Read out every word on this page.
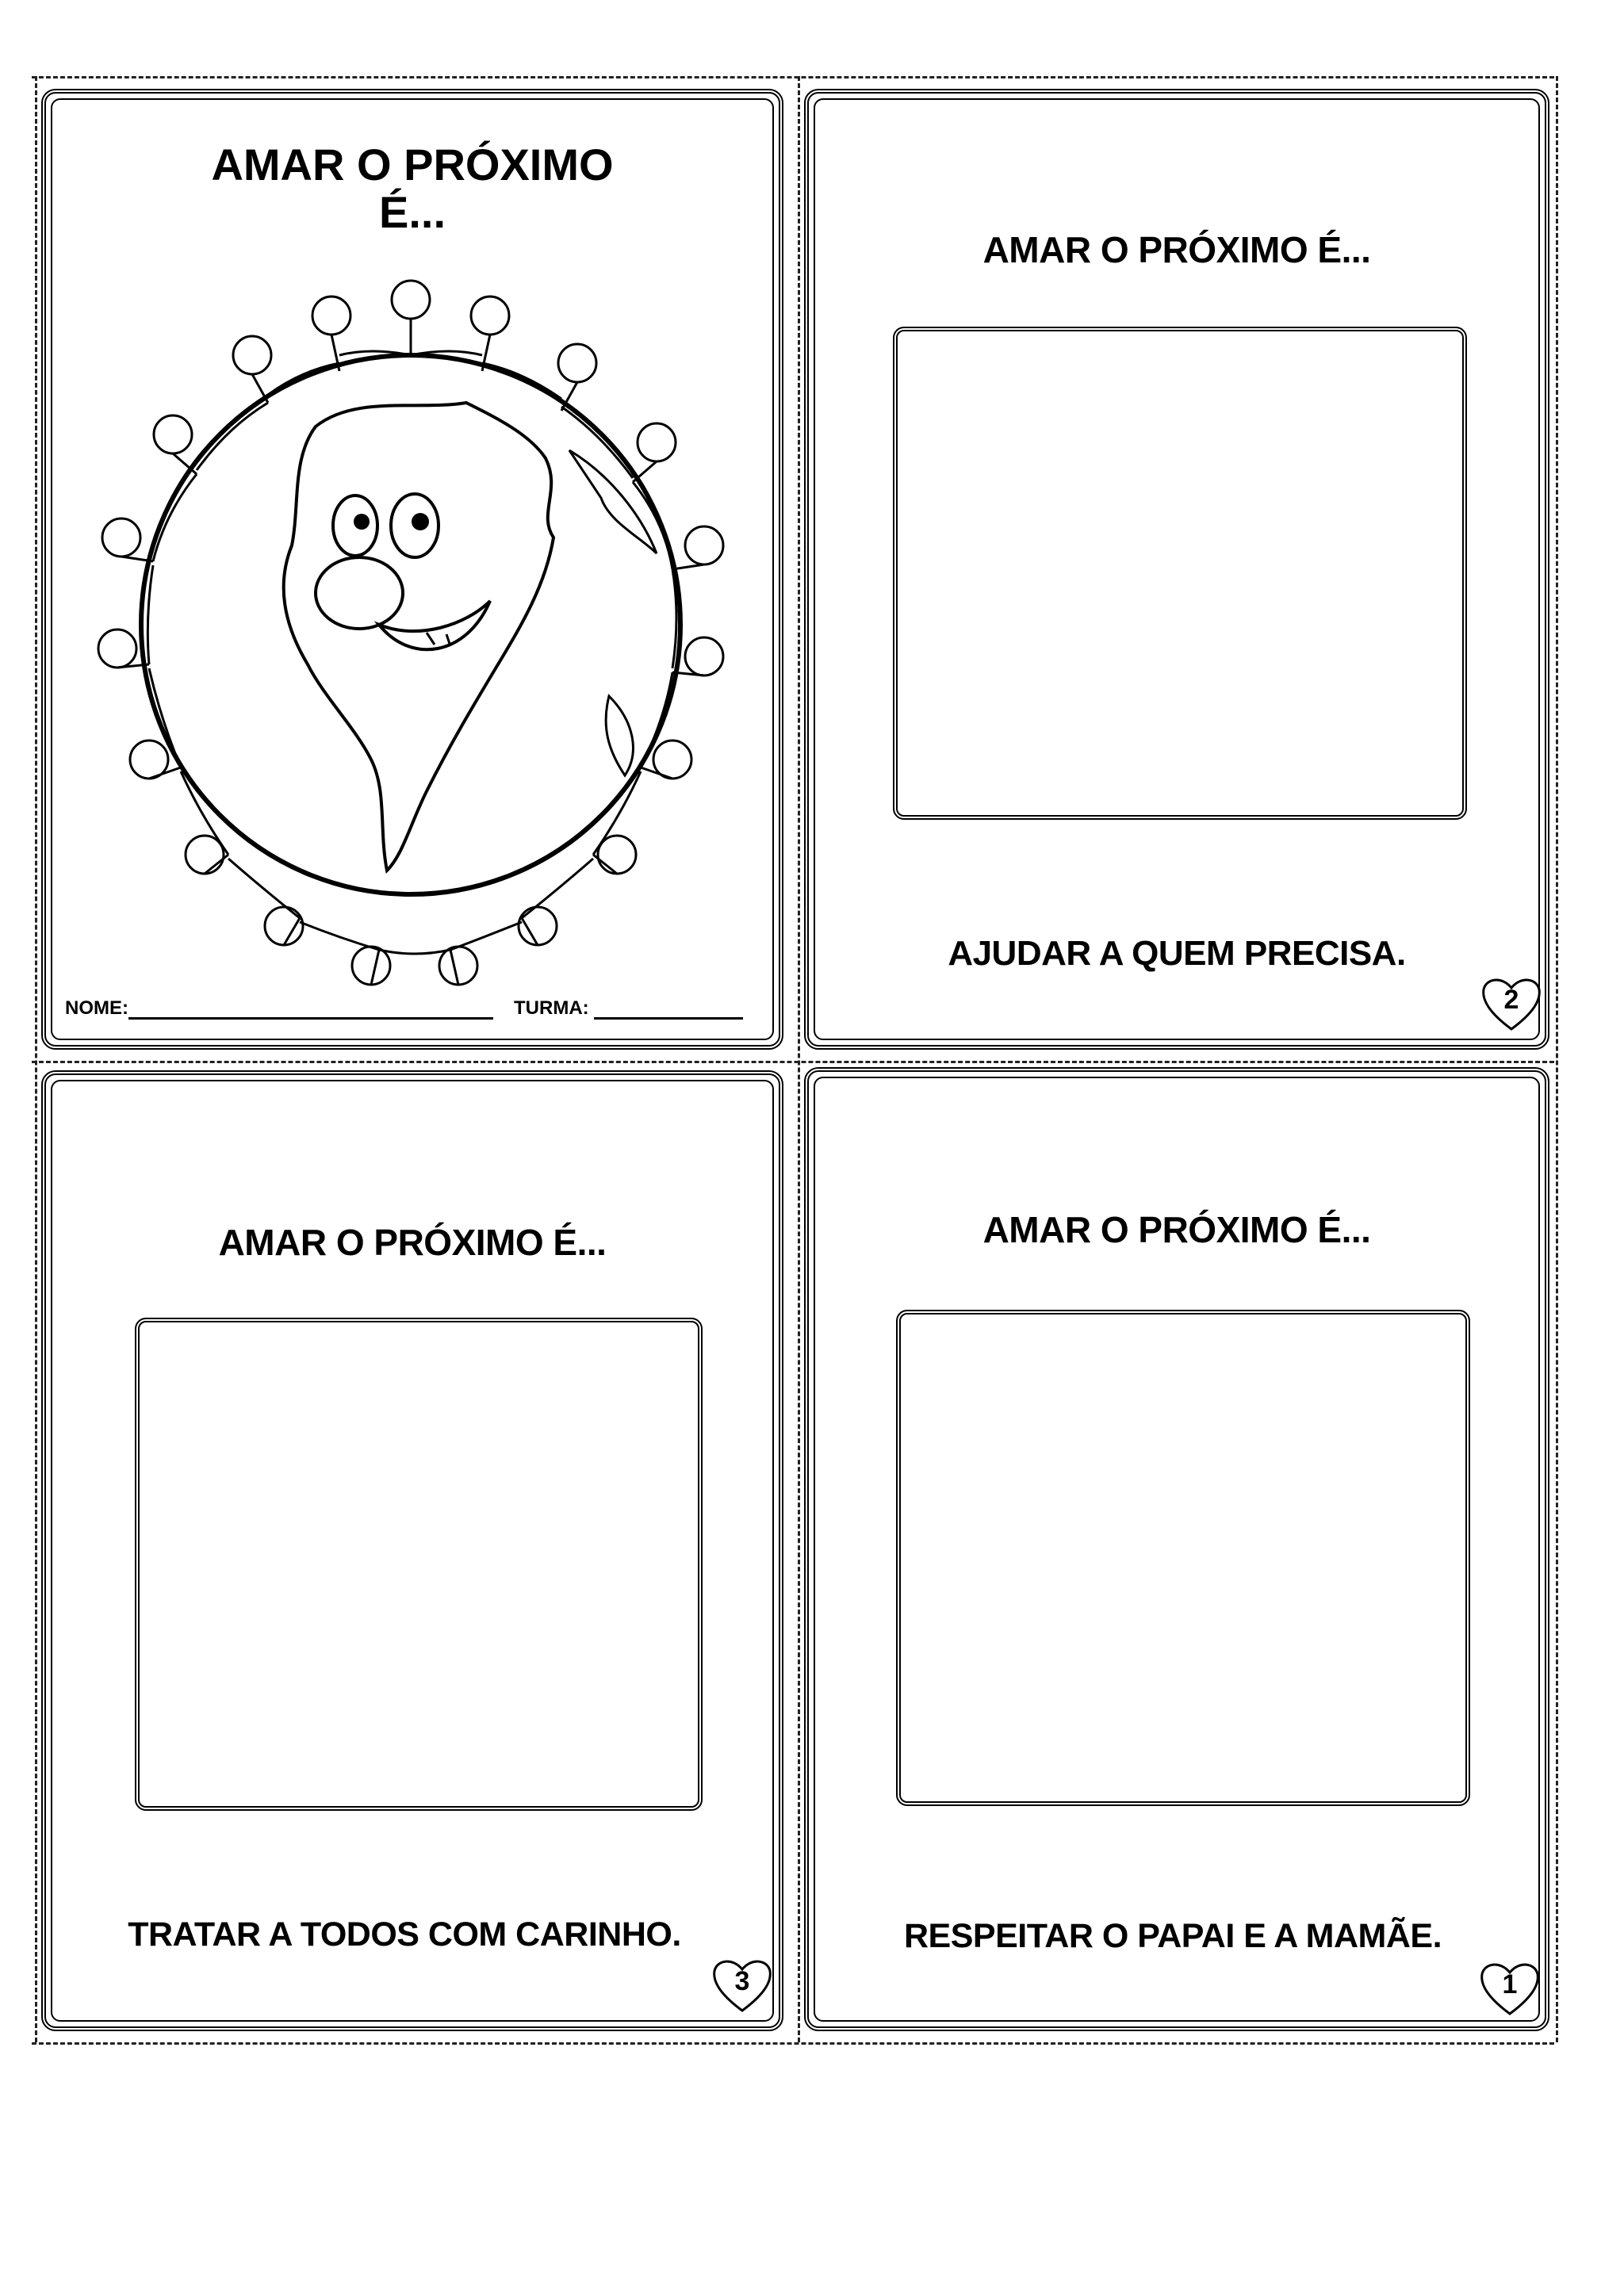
AMAR O PRÓXIMO
É...
NOME:	TURMA:
AMAR O PRÓXIMO É...
AJUDAR A QUEM PRECISA.
2
AMAR O PRÓXIMO É...
TRATAR A TODOS COM CARINHO.
3
AMAR O PRÓXIMO É...
RESPEITAR O PAPAI E A MAMÃE.
1
